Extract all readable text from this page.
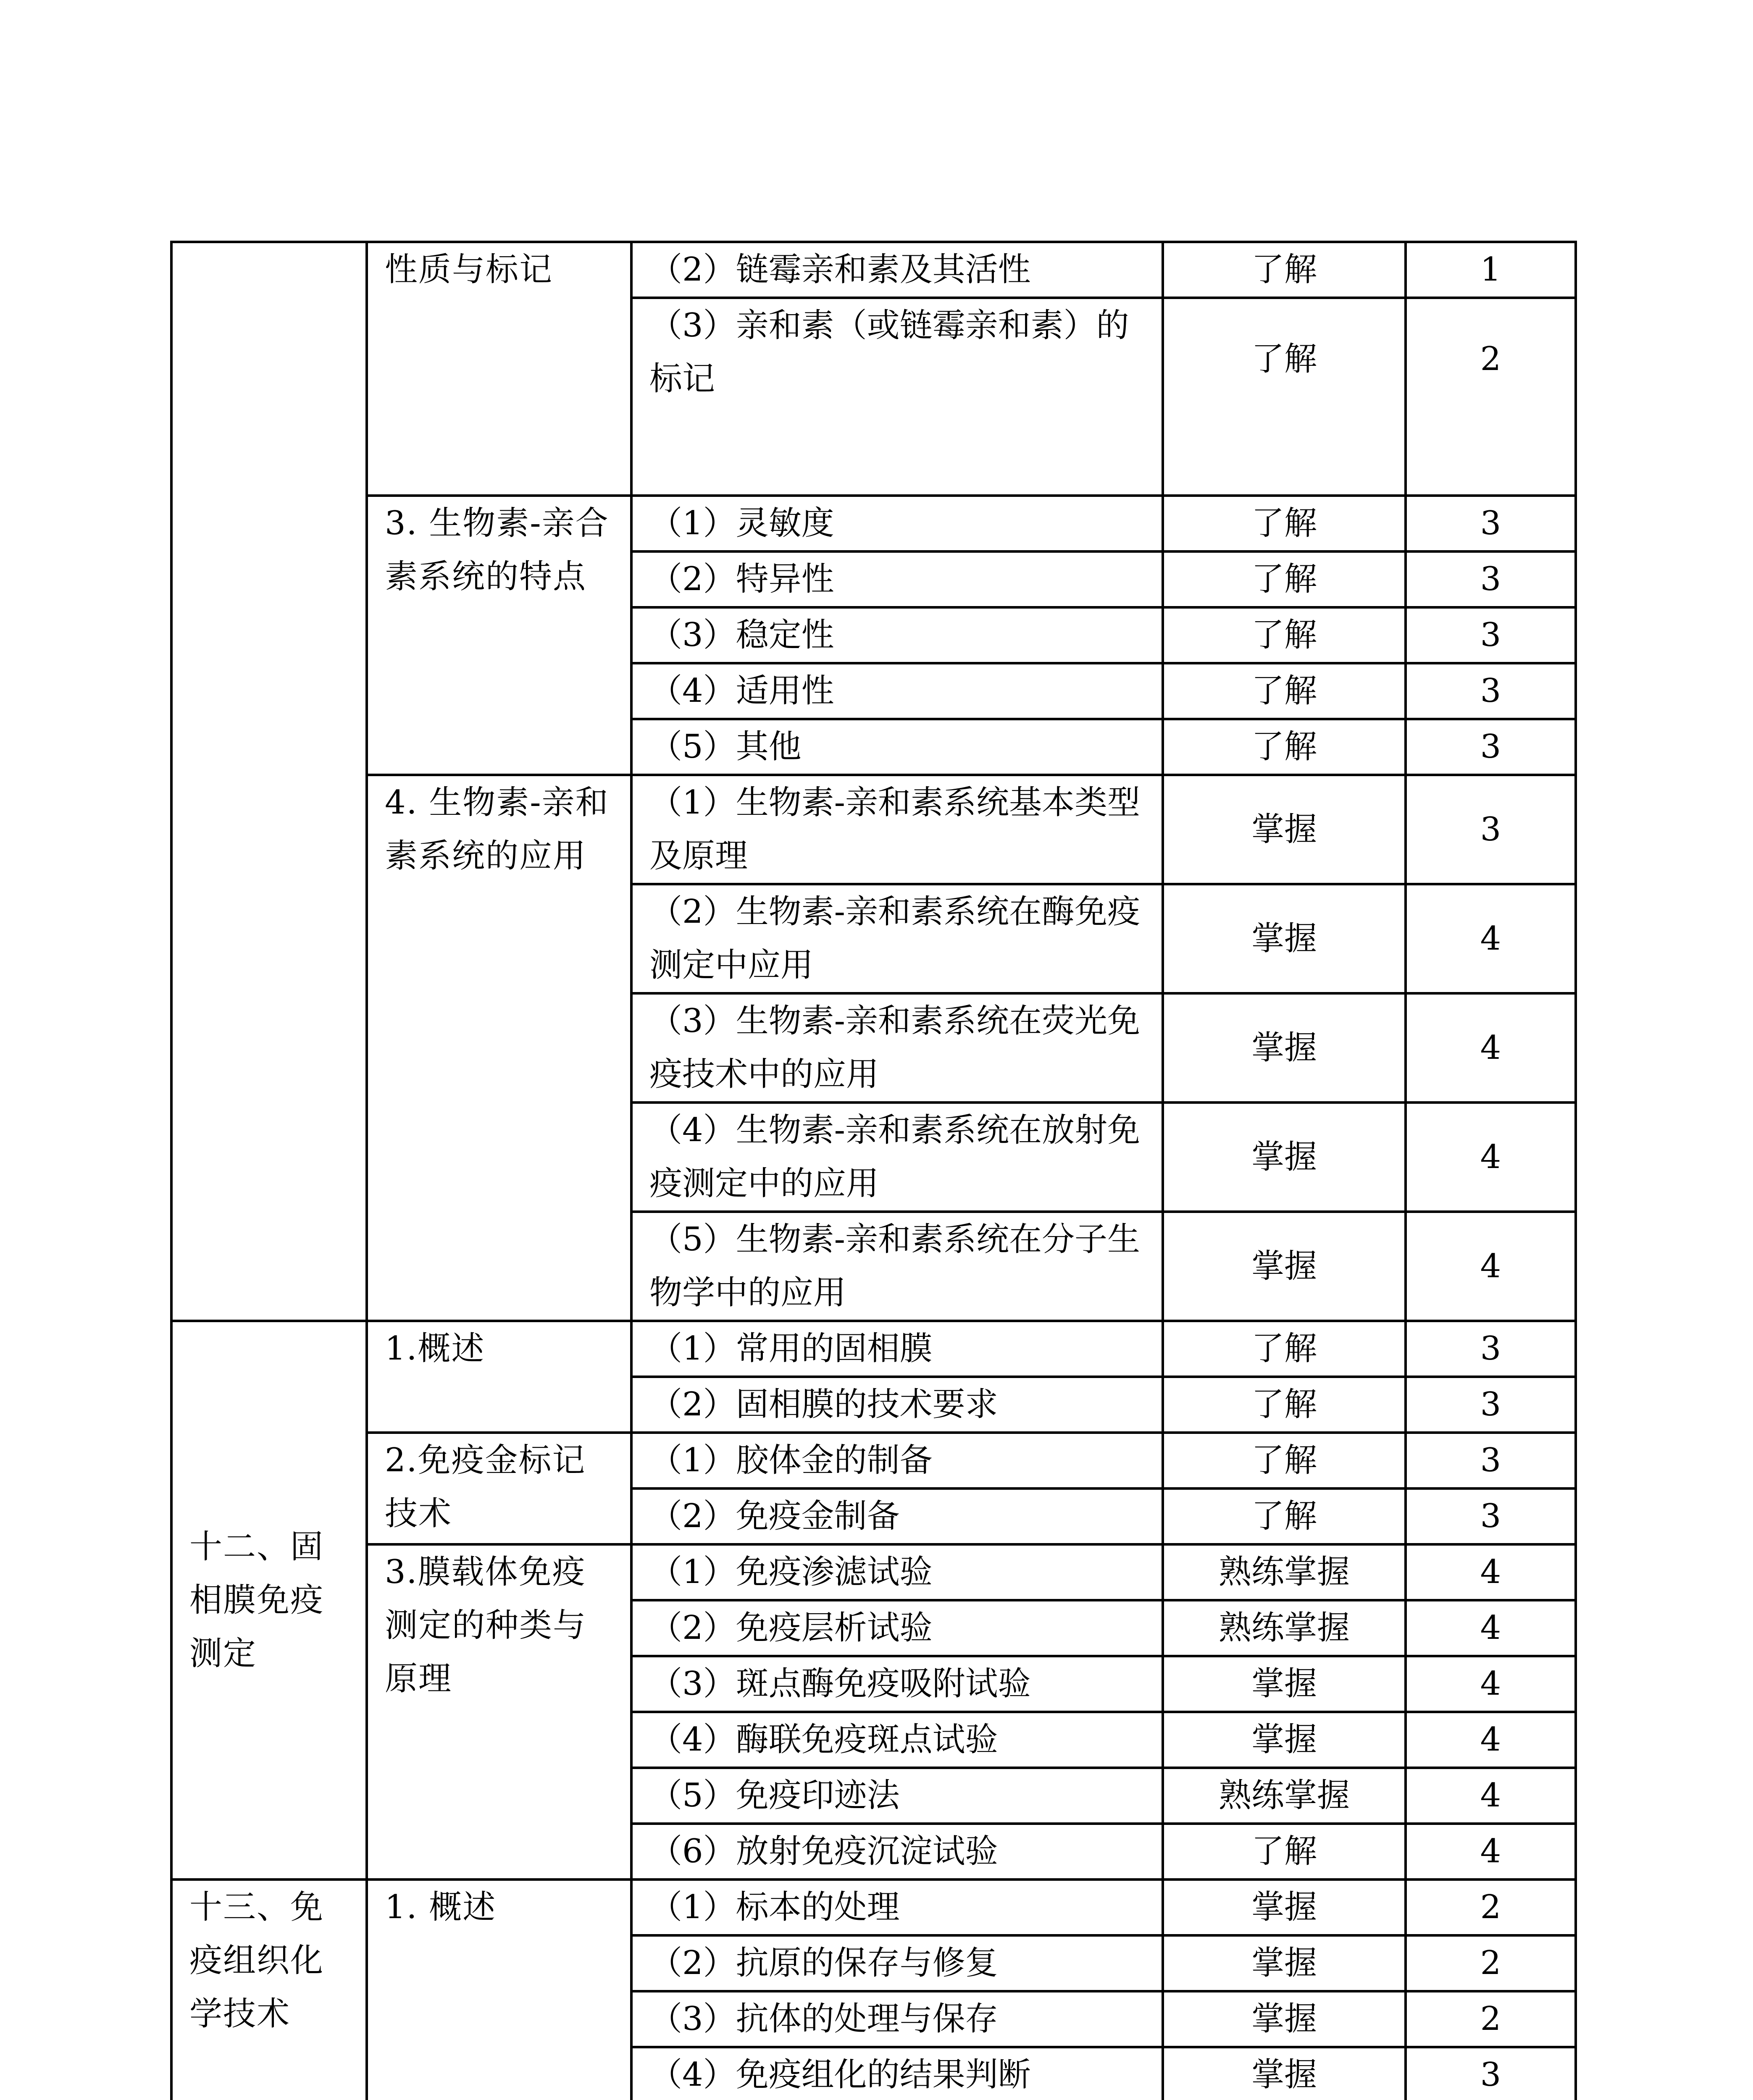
	性质与标记	（2）链霉亲和素及其活性	了解	1
		（3）亲和素（或链霉亲和素）的标记	了解	2
	3. 生物素-亲合素系统的特点	（1）灵敏度	了解	3
		（2）特异性	了解	3
		（3）稳定性	了解	3
		（4）适用性	了解	3
		（5）其他	了解	3
	4. 生物素-亲和素系统的应用	（1）生物素-亲和素系统基本类型及原理	掌握	3
		（2）生物素-亲和素系统在酶免疫测定中应用	掌握	4
		（3）生物素-亲和素系统在荧光免疫技术中的应用	掌握	4
		（4）生物素-亲和素系统在放射免疫测定中的应用	掌握	4
		（5）生物素-亲和素系统在分子生物学中的应用	掌握	4
十二、固相膜免疫测定	1.概述	（1）常用的固相膜	了解	3
		（2）固相膜的技术要求	了解	3
	2.免疫金标记技术	（1）胶体金的制备	了解	3
		（2）免疫金制备	了解	3
	3.膜载体免疫测定的种类与原理	（1）免疫渗滤试验	熟练掌握	4
		（2）免疫层析试验	熟练掌握	4
		（3）斑点酶免疫吸附试验	掌握	4
		（4）酶联免疫斑点试验	掌握	4
		（5）免疫印迹法	熟练掌握	4
		（6）放射免疫沉淀试验	了解	4
十三、免疫组织化学技术	1. 概述	（1）标本的处理	掌握	2
		（2）抗原的保存与修复	掌握	2
		（3）抗体的处理与保存	掌握	2
		（4）免疫组化的结果判断	掌握	3
